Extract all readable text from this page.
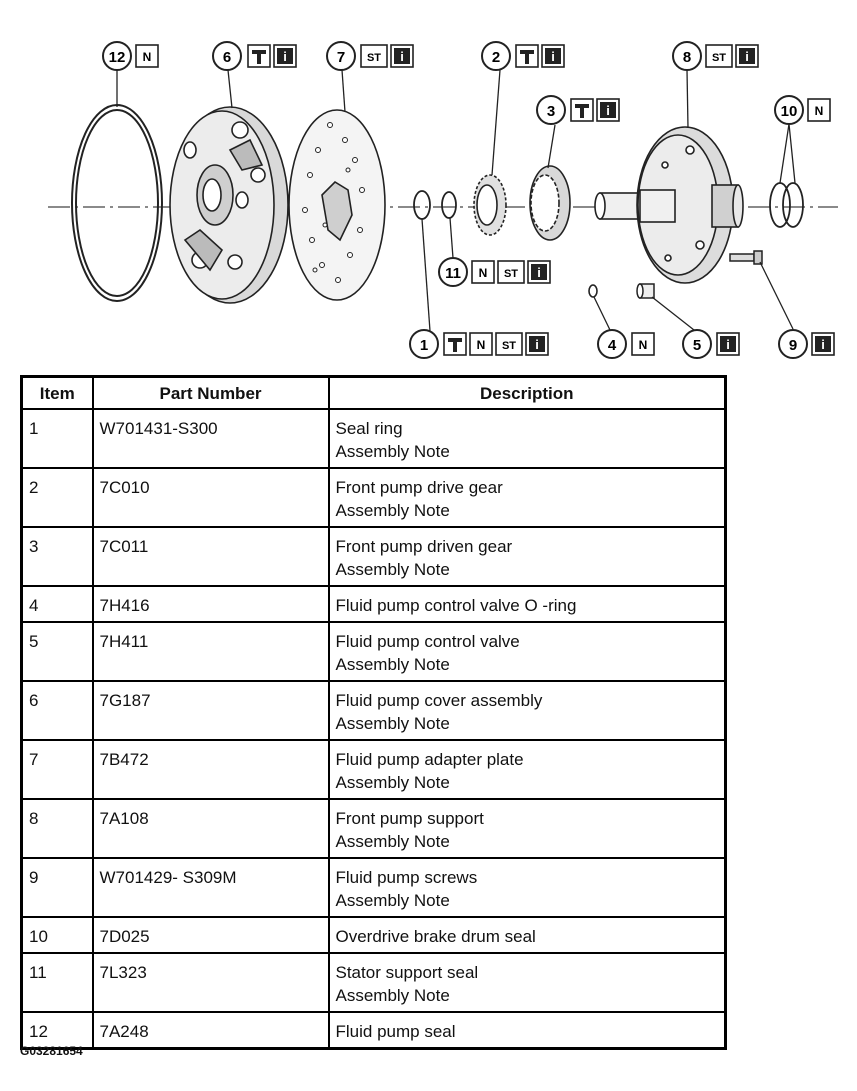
12 N	6	i	7 ST i	2	i
3	i
8 ST i
10 N
11 N ST i
1	N ST i	4 N	5 i	9 i
Item	Part Number	Description
1	W701431-S300	Seal ring
Assembly Note

2	7C010	Front pump drive gear
Assembly Note

3	7C011	Front pump driven gear
Assembly Note

4	7H416	Fluid pump control valve O -ring

5	7H411	Fluid pump control valve
Assembly Note

6	7G187	Fluid pump cover assembly
Assembly Note

7	7B472	Fluid pump adapter plate
Assembly Note

8	7A108	Front pump support
Assembly Note

9	W701429- S309M	Fluid pump screws
Assembly Note

10	7D025	Overdrive brake drum seal

11	7L323	Stator support seal
Assembly Note

12	7A248	Fluid pump seal
G03281654
